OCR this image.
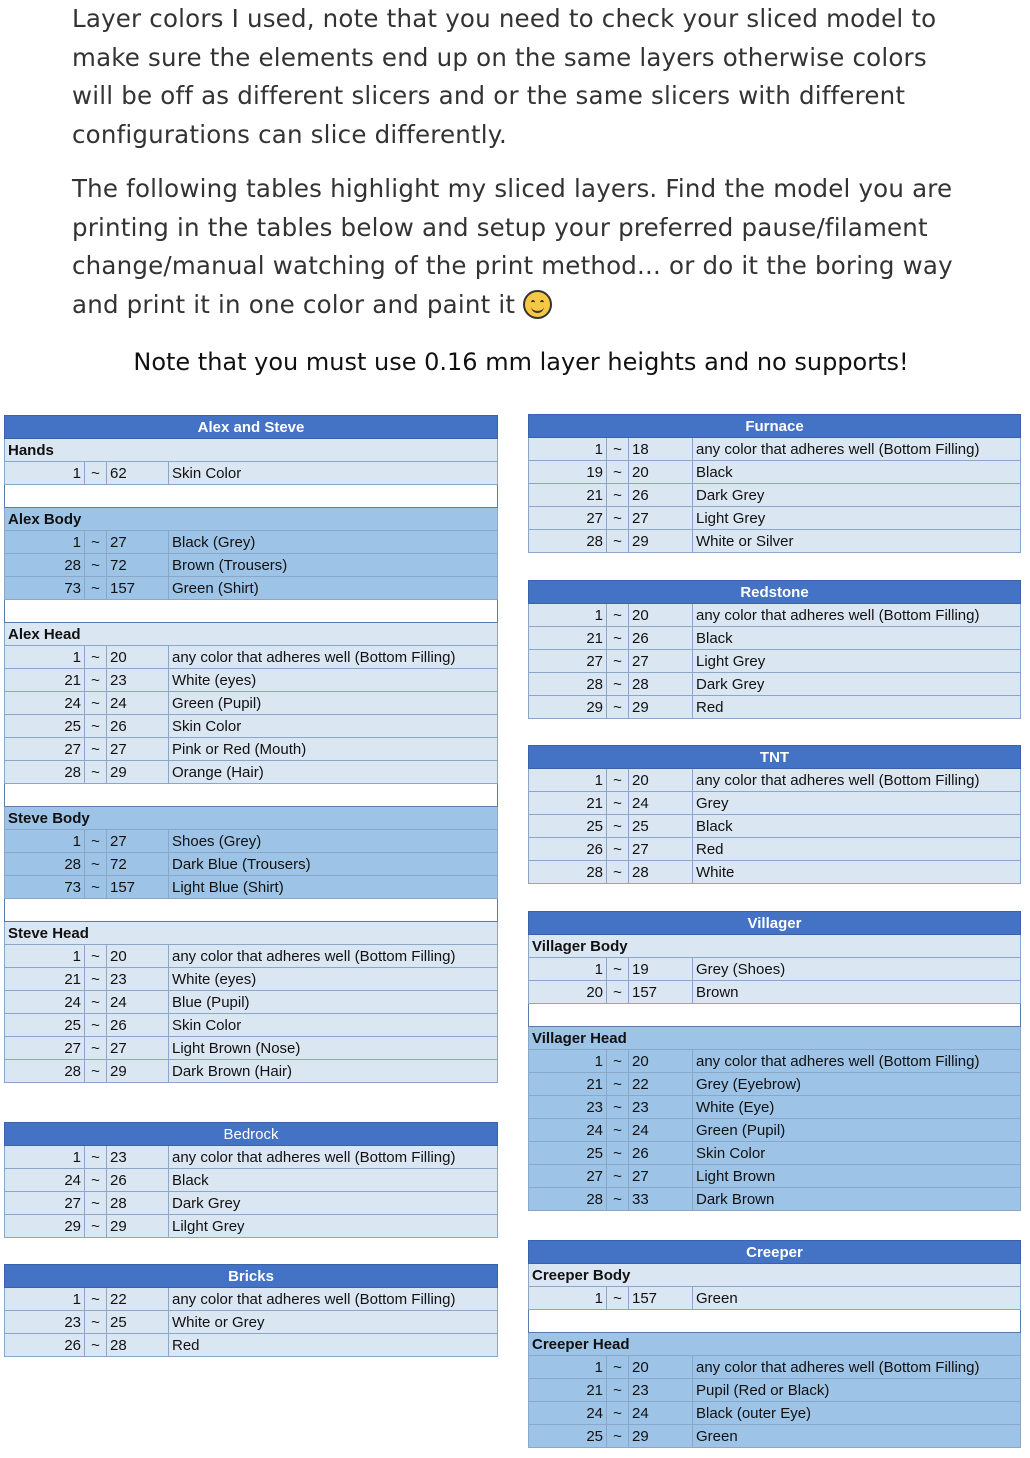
Layer colors I used, note that you need to check your sliced model to make sure the elements end up on the same layers otherwise colors will be off as different slicers and or the same slicers with different configurations can slice differently.

The following tables highlight my sliced layers. Find the model you are printing in the tables below and setup your preferred pause/filament change/manual watching of the print method... or do it the boring way and print it in one color and paint it

Note that you must use 0.16 mm layer heights and no supports!
Alex and Steve			
Hands			
1	~	62	Skin Color

Alex Body			
1	~	27	Black (Grey)
28	~	72	Brown (Trousers)
73	~	157	Green (Shirt)

Alex Head			
1	~	20	any color that adheres well (Bottom Filling)
21	~	23	White (eyes)
24	~	24	Green (Pupil)
25	~	26	Skin Color
27	~	27	Pink or Red (Mouth)
28	~	29	Orange (Hair)

Steve Body			
1	~	27	Shoes (Grey)
28	~	72	Dark Blue (Trousers)
73	~	157	Light Blue (Shirt)

Steve Head			
1	~	20	any color that adheres well (Bottom Filling)
21	~	23	White (eyes)
24	~	24	Blue (Pupil)
25	~	26	Skin Color
27	~	27	Light Brown (Nose)
28	~	29	Dark Brown (Hair)
Bedrock			
1	~	23	any color that adheres well (Bottom Filling)
24	~	26	Black
27	~	28	Dark Grey
29	~	29	Lilght Grey
Bricks			
1	~	22	any color that adheres well (Bottom Filling)
23	~	25	White or Grey
26	~	28	Red
Furnace			
1	~	18	any color that adheres well (Bottom Filling)
19	~	20	Black
21	~	26	Dark Grey
27	~	27	Light Grey
28	~	29	White or Silver
Redstone			
1	~	20	any color that adheres well (Bottom Filling)
21	~	26	Black
27	~	27	Light Grey
28	~	28	Dark Grey
29	~	29	Red
TNT			
1	~	20	any color that adheres well (Bottom Filling)
21	~	24	Grey
25	~	25	Black
26	~	27	Red
28	~	28	White
Villager			
Villager Body			
1	~	19	Grey (Shoes)
20	~	157	Brown

Villager Head			
1	~	20	any color that adheres well (Bottom Filling)
21	~	22	Grey (Eyebrow)
23	~	23	White (Eye)
24	~	24	Green (Pupil)
25	~	26	Skin Color
27	~	27	Light Brown
28	~	33	Dark Brown
Creeper			
Creeper Body			
1	~	157	Green

Creeper Head			
1	~	20	any color that adheres well (Bottom Filling)
21	~	23	Pupil (Red or Black)
24	~	24	Black (outer Eye)
25	~	29	Green
